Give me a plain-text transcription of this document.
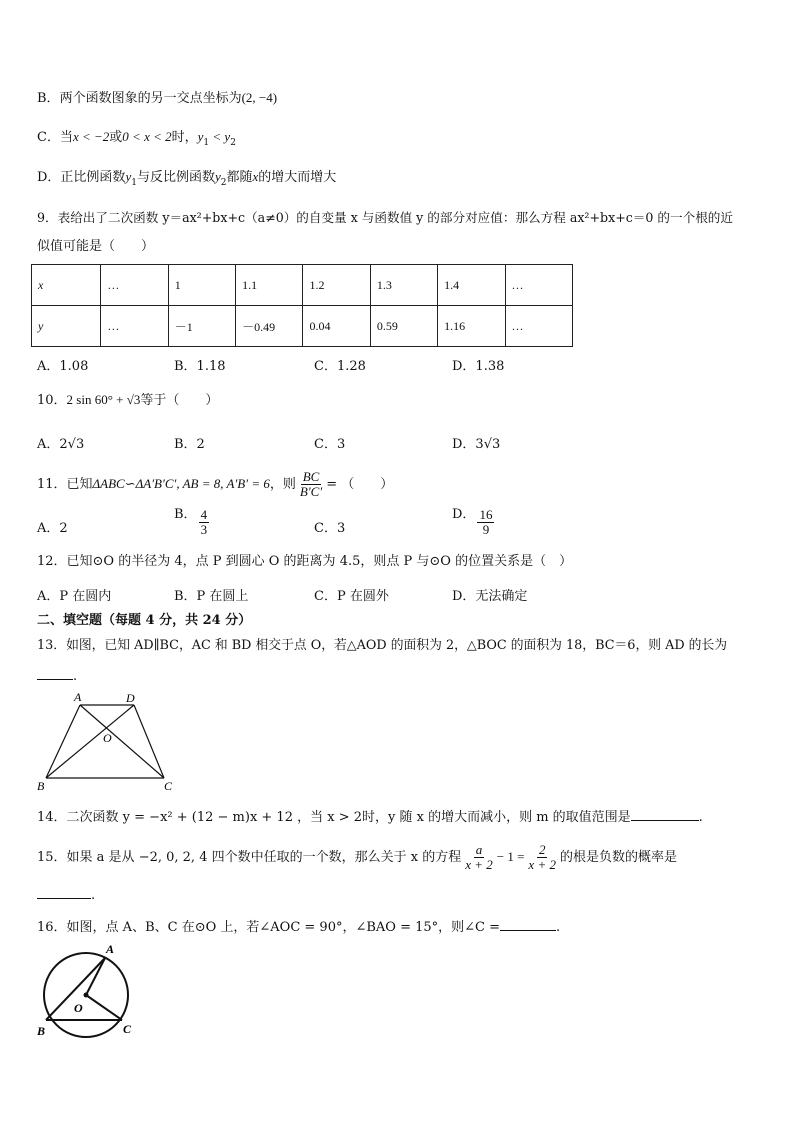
B．两个函数图象的另一交点坐标为(2, −4)
C．当x < −2或0 < x < 2时，$y_1 < y_2$
D．正比例函数$y_1$与反比例函数$y_2$都随x的增大而增大
9．表给出了二次函数 y＝ax²+bx+c（a≠0）的自变量 x 与函数值 y 的部分对应值：那么方程 ax²+bx+c＝0 的一个根的近
似值可能是（　　）
x	…	1	1.1	1.2	1.3	1.4	…
y	…	－1	－0.49	0.04	0.59	1.16	…
A．1.08	B．1.18	C．1.28	D．1.38
10．2 sin 60° + √3等于（　　）
A．2√3	B．2	C．3	D．3√3
11．已知ΔABC∽ΔA′B′C′, AB = 8, A′B′ = 6，则 $\frac{BC}{B'C'}$ = （　　）
A．2
B． $\frac{4}{3}$	C．3
D． $\frac{16}{9}$
12．已知⊙O 的半径为 4，点 P 到圆心 O 的距离为 4.5，则点 P 与⊙O 的位置关系是（　）
A．P 在圆内	B．P 在圆上	C．P 在圆外	D．无法确定
二、填空题（每题 4 分，共 24 分）
13．如图，已知 AD∥BC，AC 和 BD 相交于点 O，若△AOD 的面积为 2，△BOC 的面积为 18，BC＝6，则 AD 的长为
.
A	D
O
B	C
14．二次函数 y = −x² + (12 − m)x + 12 ，当 x > 2时，y 随 x 的增大而减小，则 m 的取值范围是	.
15．如果 a 是从 −2, 0, 2, 4 四个数中任取的一个数，那么关于 x 的方程 $\frac{a}{x + 2} - 1 = \frac{2}{x + 2}$ 的根是负数的概率是
.
16．如图，点 A、B、C 在⊙O 上，若∠AOC = 90°，∠BAO = 15°，则∠C =	.
A
B	C
O
